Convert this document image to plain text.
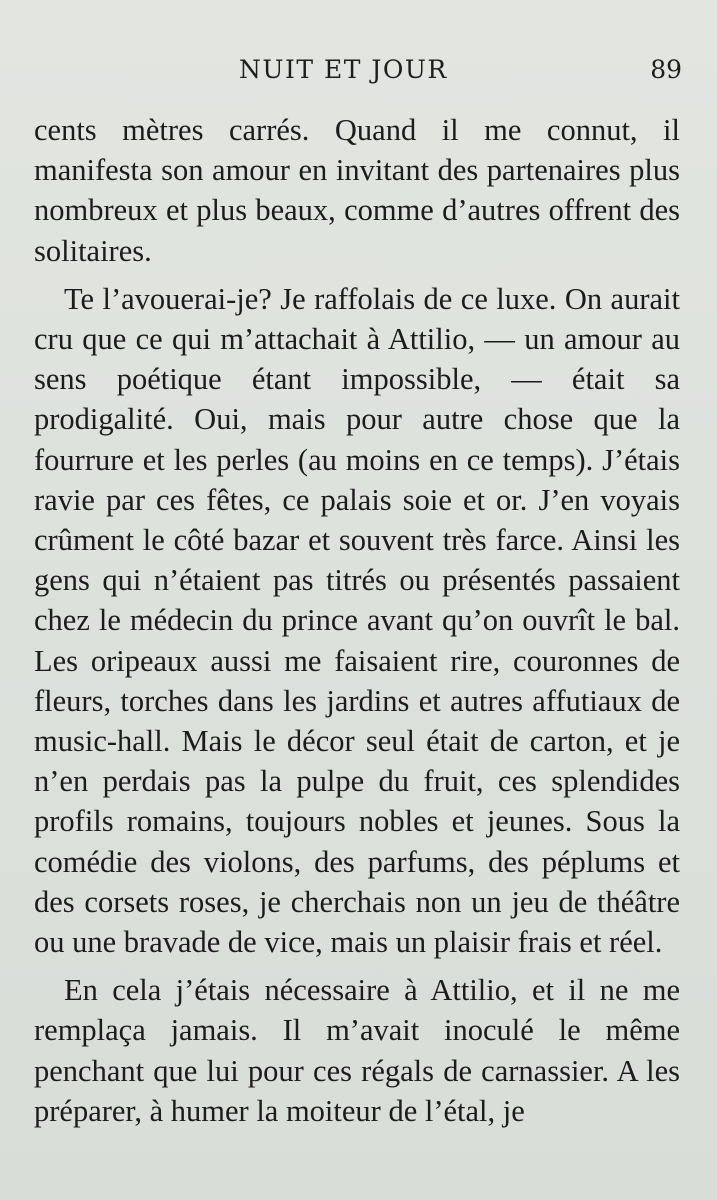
NUIT ET JOUR	89

cents mètres carrés. Quand il me connut, il manifesta son amour en invitant des partenaires plus nombreux et plus beaux, comme d’autres offrent des solitaires.

Te l’avouerai-je? Je raffolais de ce luxe. On aurait cru que ce qui m’attachait à Attilio, — un amour au sens poétique étant impossible, — était sa prodigalité. Oui, mais pour autre chose que la fourrure et les perles (au moins en ce temps). J’étais ravie par ces fêtes, ce palais soie et or. J’en voyais crûment le côté bazar et souvent très farce. Ainsi les gens qui n’étaient pas titrés ou présentés passaient chez le médecin du prince avant qu’on ouvrît le bal. Les oripeaux aussi me faisaient rire, couronnes de fleurs, torches dans les jardins et autres affutiaux de music-hall. Mais le décor seul était de carton, et je n’en perdais pas la pulpe du fruit, ces splendides profils romains, toujours nobles et jeunes. Sous la comédie des violons, des parfums, des péplums et des corsets roses, je cherchais non un jeu de théâtre ou une bravade de vice, mais un plaisir frais et réel.

En cela j’étais nécessaire à Attilio, et il ne me remplaça jamais. Il m’avait inoculé le même penchant que lui pour ces régals de carnassier. A les préparer, à humer la moiteur de l’étal, je
